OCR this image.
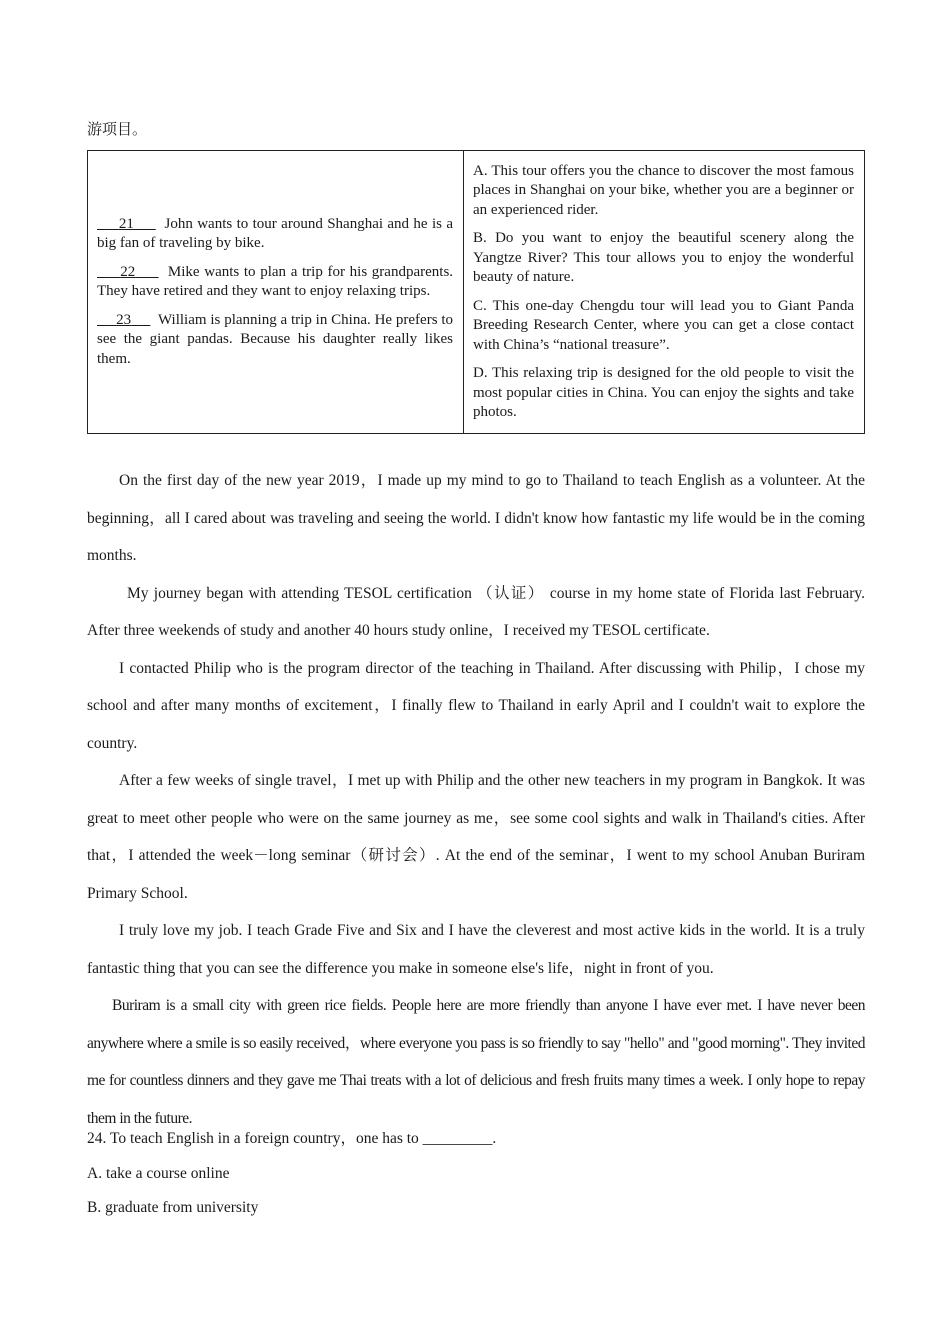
游项目。
21 John wants to tour around Shanghai and he is a big fan of traveling by bike.
22 Mike wants to plan a trip for his grandparents. They have retired and they want to enjoy relaxing trips.
23 William is planning a trip in China. He prefers to see the giant pandas. Because his daughter really likes them.

A. This tour offers you the chance to discover the most famous places in Shanghai on your bike, whether you are a beginner or an experienced rider.
B. Do you want to enjoy the beautiful scenery along the Yangtze River? This tour allows you to enjoy the wonderful beauty of nature.
C. This one-day Chengdu tour will lead you to Giant Panda Breeding Research Center, where you can get a close contact with China’s “national treasure”.
D. This relaxing trip is designed for the old people to visit the most popular cities in China. You can enjoy the sights and take photos.

On the first day of the new year 2019，I made up my mind to go to Thailand to teach English as a volunteer. At the beginning，all I cared about was traveling and seeing the world. I didn't know how fantastic my life would be in the coming months.

My journey began with attending TESOL certification （认证） course in my home state of Florida last February. After three weekends of study and another 40 hours study online，I received my TESOL certificate.

I contacted Philip who is the program director of the teaching in Thailand. After discussing with Philip，I chose my school and after many months of excitement，I finally flew to Thailand in early April and I couldn't wait to explore the country.

After a few weeks of single travel，I met up with Philip and the other new teachers in my program in Bangkok. It was great to meet other people who were on the same journey as me，see some cool sights and walk in Thailand's cities. After that，I attended the week－long seminar（研讨会）. At the end of the seminar，I went to my school Anuban Buriram Primary School.

I truly love my job. I teach Grade Five and Six and I have the cleverest and most active kids in the world. It is a truly fantastic thing that you can see the difference you make in someone else's life，night in front of you.

Buriram is a small city with green rice fields. People here are more friendly than anyone I have ever met. I have never been anywhere where a smile is so easily received，where everyone you pass is so friendly to say "hello" and "good morning". They invited me for countless dinners and they gave me Thai treats with a lot of delicious and fresh fruits many times a week. I only hope to repay them in the future.

24. To teach English in a foreign country，one has to _________.
A. take a course online
B. graduate from university
